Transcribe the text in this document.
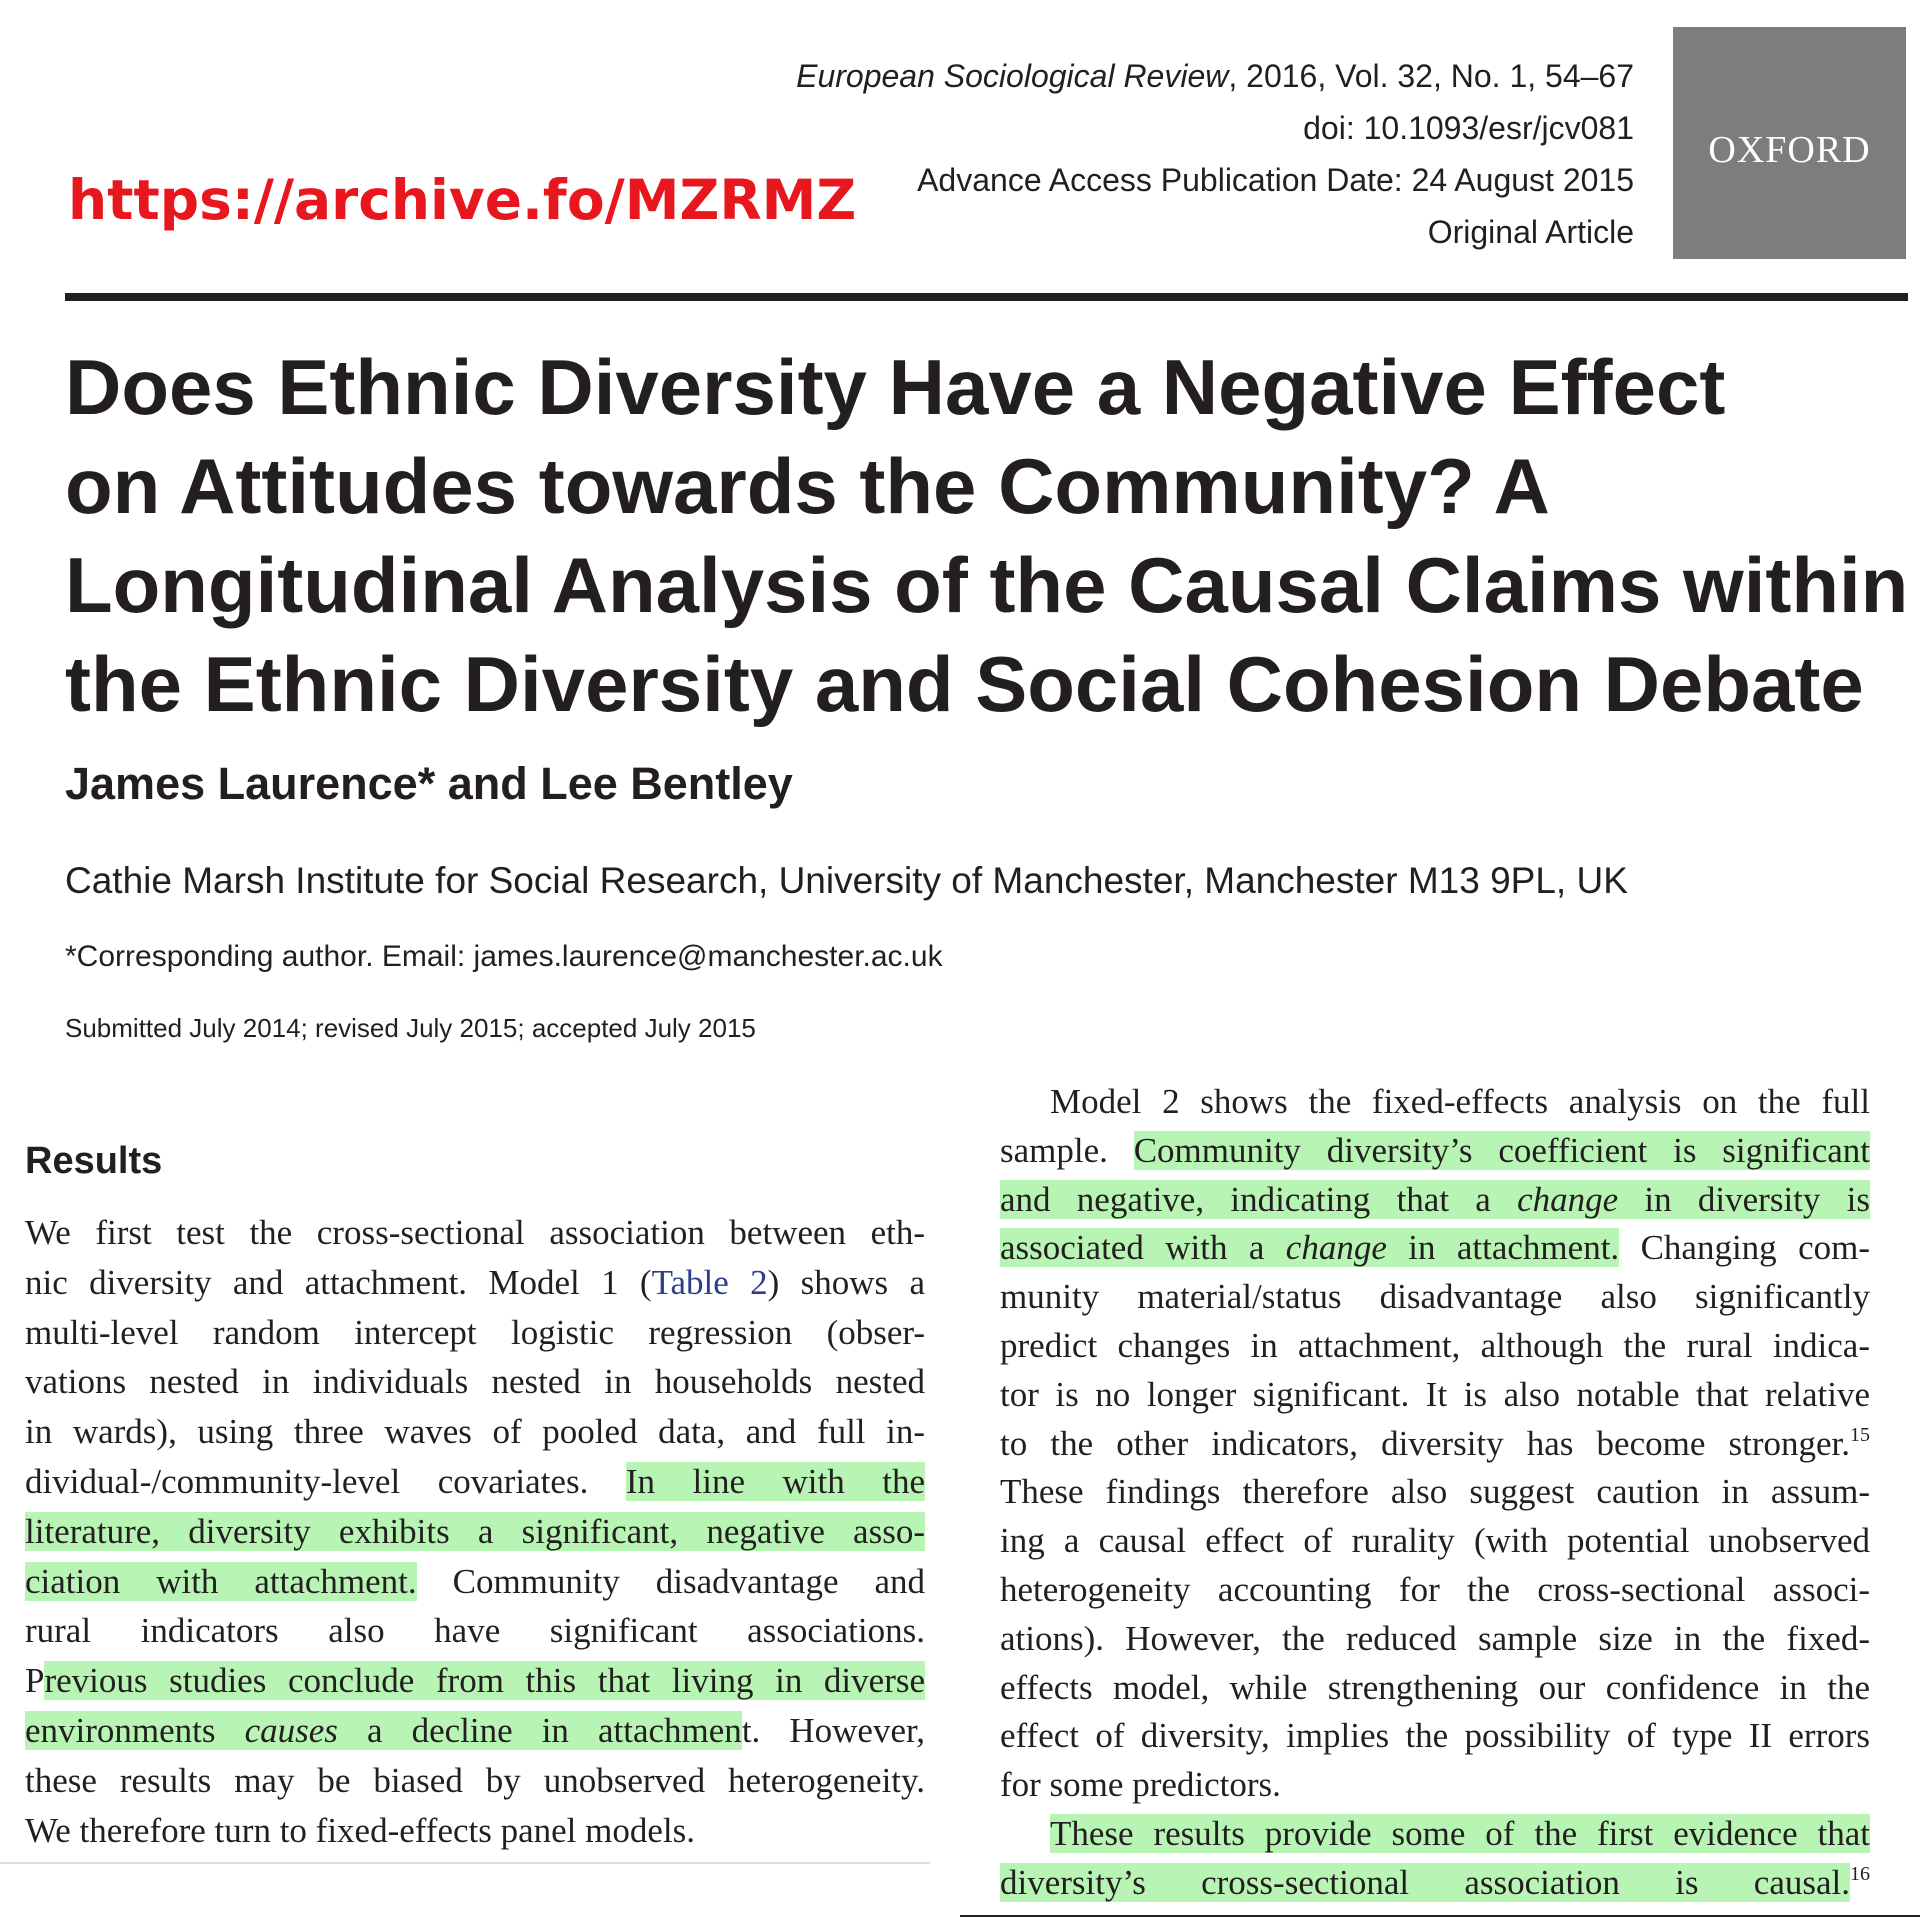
https://archive.fo/MZRMZ
European Sociological Review, 2016, Vol. 32, No. 1, 54–67
doi: 10.1093/esr/jcv081
Advance Access Publication Date: 24 August 2015
Original Article
OXFORD
Does Ethnic Diversity Have a Negative Effect
on Attitudes towards the Community? A
Longitudinal Analysis of the Causal Claims within
the Ethnic Diversity and Social Cohesion Debate
James Laurence* and Lee Bentley
Cathie Marsh Institute for Social Research, University of Manchester, Manchester M13 9PL, UK
*Corresponding author. Email: james.laurence@manchester.ac.uk
Submitted July 2014; revised July 2015; accepted July 2015
Results
We first test the cross-sectional association between eth-
nic diversity and attachment. Model 1 (Table 2) shows a
multi-level random intercept logistic regression (obser-
vations nested in individuals nested in households nested
in wards), using three waves of pooled data, and full in-
dividual-/community-level covariates. In line with the
literature, diversity exhibits a significant, negative asso-
ciation with attachment. Community disadvantage and
rural indicators also have significant associations.
Previous studies conclude from this that living in diverse
environments causes a decline in attachment. However,
these results may be biased by unobserved heterogeneity.
We therefore turn to fixed-effects panel models.
Model 2 shows the fixed-effects analysis on the full
sample. Community diversity’s coefficient is significant
and negative, indicating that a change in diversity is
associated with a change in attachment. Changing com-
munity material/status disadvantage also significantly
predict changes in attachment, although the rural indica-
tor is no longer significant. It is also notable that relative
to the other indicators, diversity has become stronger.$^{15}$
These findings therefore also suggest caution in assum-
ing a causal effect of rurality (with potential unobserved
heterogeneity accounting for the cross-sectional associ-
ations). However, the reduced sample size in the fixed-
effects model, while strengthening our confidence in the
effect of diversity, implies the possibility of type II errors
for some predictors.
These results provide some of the first evidence that
diversity’s cross-sectional association is causal.$^{16}$
